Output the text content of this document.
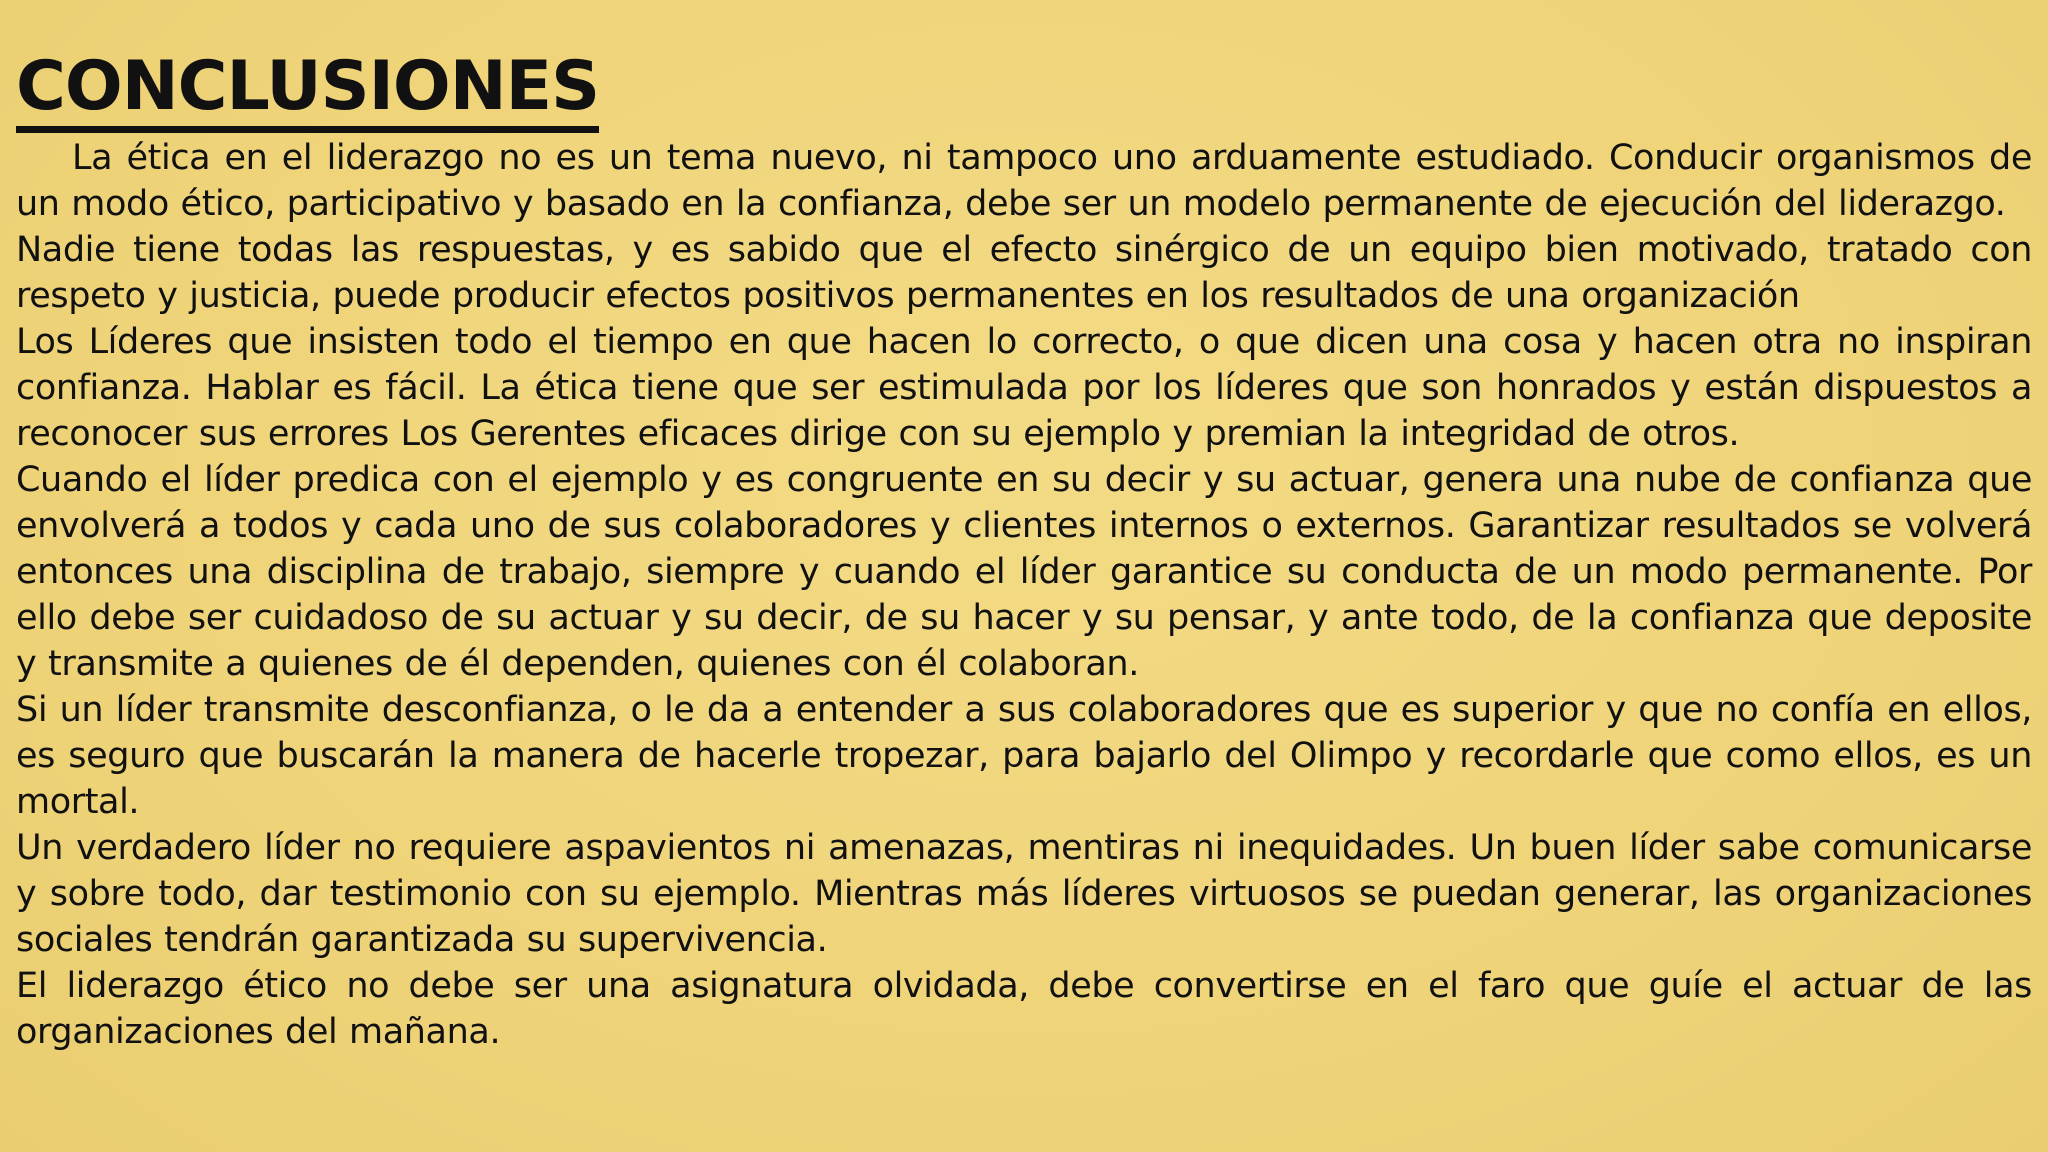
CONCLUSIONES

La ética en el liderazgo no es un tema nuevo, ni tampoco uno arduamente estudiado. Conducir organismos de un modo ético, participativo y basado en la confianza, debe ser un modelo permanente de ejecución del liderazgo.

Nadie tiene todas las respuestas, y es sabido que el efecto sinérgico de un equipo bien motivado, tratado con respeto y justicia, puede producir efectos positivos permanentes en los resultados de una organización

Los Líderes que insisten todo el tiempo en que hacen lo correcto, o que dicen una cosa y hacen otra no inspiran confianza. Hablar es fácil. La ética tiene que ser estimulada por los líderes que son honrados y están dispuestos a reconocer sus errores Los Gerentes eficaces dirige con su ejemplo y premian la integridad de otros.

Cuando el líder predica con el ejemplo y es congruente en su decir y su actuar, genera una nube de confianza que envolverá a todos y cada uno de sus colaboradores y clientes internos o externos. Garantizar resultados se volverá entonces una disciplina de trabajo, siempre y cuando el líder garantice su conducta de un modo permanente. Por ello debe ser cuidadoso de su actuar y su decir, de su hacer y su pensar, y ante todo, de la confianza que deposite y transmite a quienes de él dependen, quienes con él colaboran.

Si un líder transmite desconfianza, o le da a entender a sus colaboradores que es superior y que no confía en ellos, es seguro que buscarán la manera de hacerle tropezar, para bajarlo del Olimpo y recordarle que como ellos, es un mortal.

Un verdadero líder no requiere aspavientos ni amenazas, mentiras ni inequidades. Un buen líder sabe comunicarse y sobre todo, dar testimonio con su ejemplo. Mientras más líderes virtuosos se puedan generar, las organizaciones sociales tendrán garantizada su supervivencia.

El liderazgo ético no debe ser una asignatura olvidada, debe convertirse en el faro que guíe el actuar de las organizaciones del mañana.
